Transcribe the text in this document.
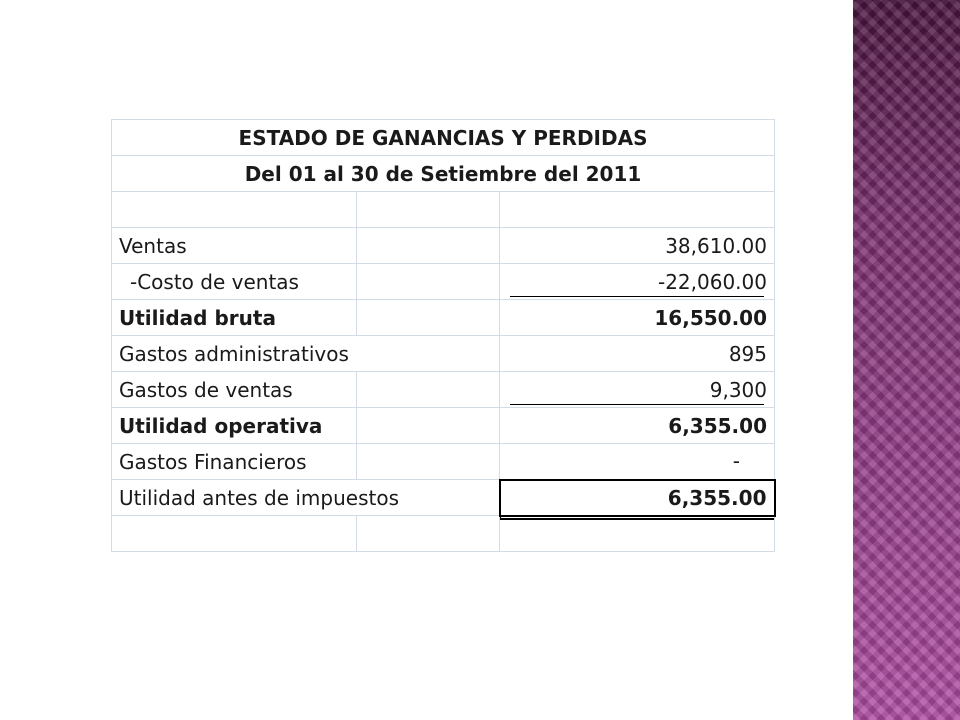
ESTADO DE GANANCIAS Y PERDIDAS		
Del 01 al 30 de Setiembre del 2011		

Ventas		38,610.00
-Costo de ventas		-22,060.00
Utilidad bruta		16,550.00
Gastos administrativos		895
Gastos de ventas		9,300
Utilidad operativa		6,355.00
Gastos Financieros		-
Utilidad antes de impuestos		6,355.00
